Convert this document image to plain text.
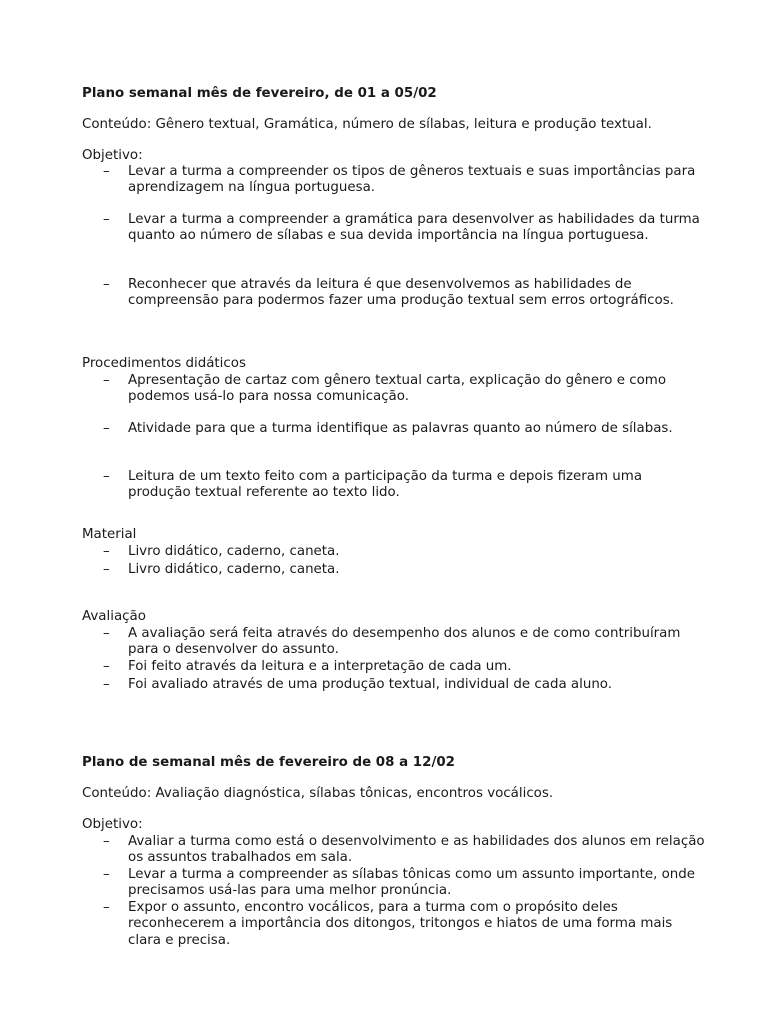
Plano semanal mês de fevereiro, de 01 a 05/02
Conteúdo: Gênero textual, Gramática, número de sílabas, leitura e produção textual.
Objetivo:
– Levar a turma a compreender os tipos de gêneros textuais e suas importâncias para aprendizagem na língua portuguesa.
– Levar a turma a compreender a gramática para desenvolver as habilidades da turma quanto ao número de sílabas e sua devida importância na língua portuguesa.
– Reconhecer que através da leitura é que desenvolvemos as habilidades de compreensão para podermos fazer uma produção textual sem erros ortográficos.
Procedimentos didáticos
– Apresentação de cartaz com gênero textual carta, explicação do gênero e como podemos usá-lo para nossa comunicação.
– Atividade para que a turma identifique as palavras quanto ao número de sílabas.
– Leitura de um texto feito com a participação da turma e depois fizeram uma produção textual referente ao texto lido.
Material
– Livro didático, caderno, caneta.
– Livro didático, caderno, caneta.
Avaliação
– A avaliação será feita através do desempenho dos alunos e de como contribuíram para o desenvolver do assunto.
– Foi feito através da leitura e a interpretação de cada um.
– Foi avaliado através de uma produção textual, individual de cada aluno.
Plano de semanal mês de fevereiro de 08 a 12/02
Conteúdo: Avaliação diagnóstica, sílabas tônicas, encontros vocálicos.
Objetivo:
– Avaliar a turma como está o desenvolvimento e as habilidades dos alunos em relação os assuntos trabalhados em sala.
– Levar a turma a compreender as sílabas tônicas como um assunto importante, onde precisamos usá-las para uma melhor pronúncia.
– Expor o assunto, encontro vocálicos, para a turma com o propósito deles reconhecerem a importância dos ditongos, tritongos e hiatos de uma forma mais clara e precisa.
